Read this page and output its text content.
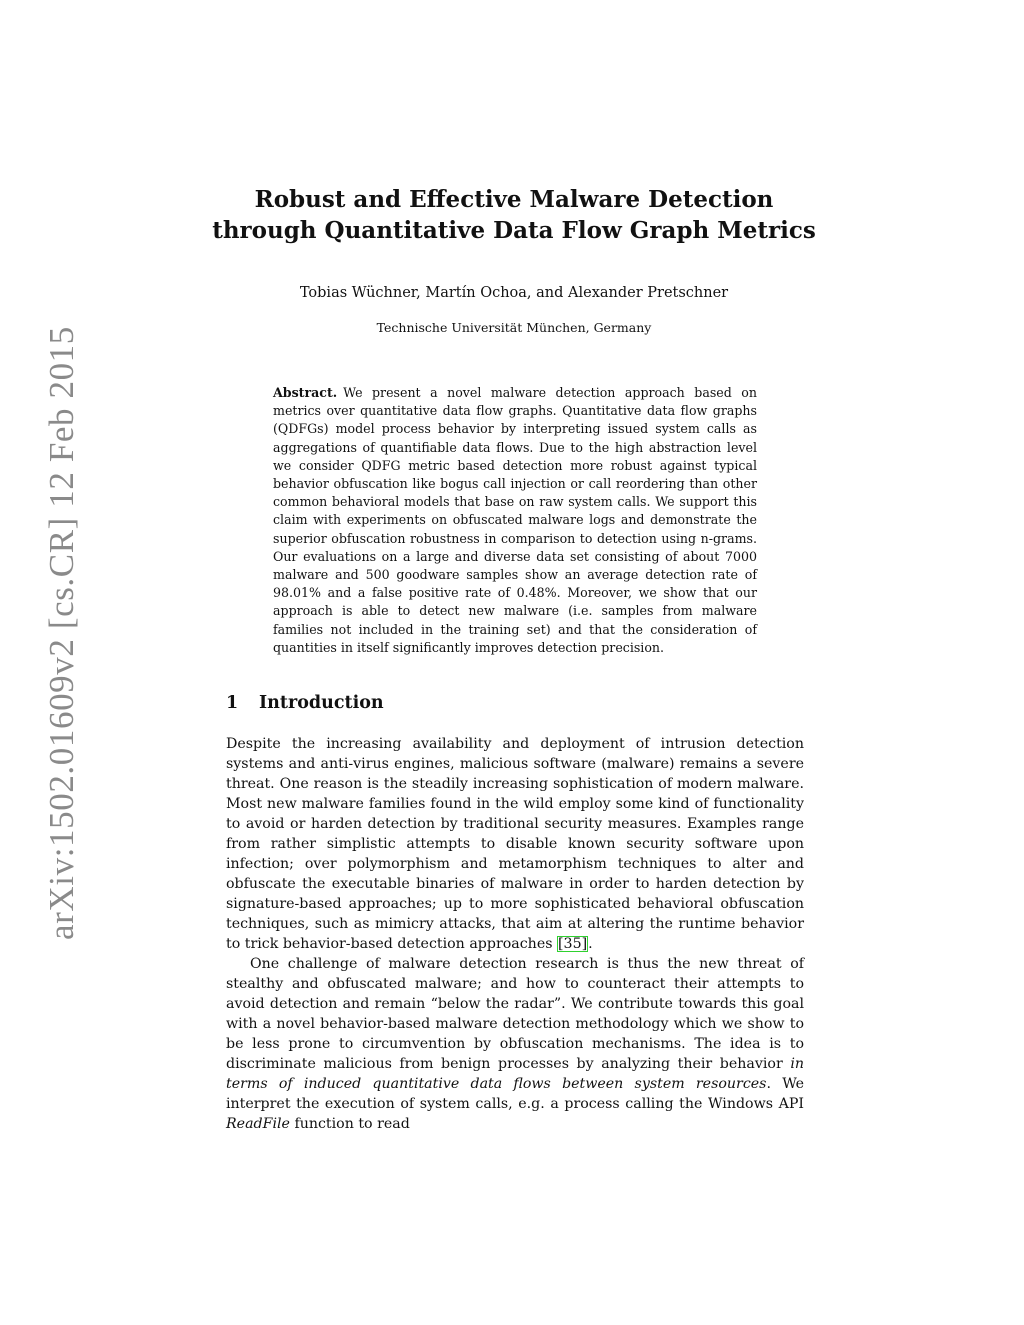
arXiv:1502.01609v2 [cs.CR] 12 Feb 2015
Robust and Effective Malware Detection
through Quantitative Data Flow Graph Metrics

Tobias Wüchner, Martín Ochoa, and Alexander Pretschner

Technische Universität München, Germany

Abstract. We present a novel malware detection approach based on metrics over quantitative data flow graphs. Quantitative data flow graphs (QDFGs) model process behavior by interpreting issued system calls as aggregations of quantifiable data flows. Due to the high abstraction level we consider QDFG metric based detection more robust against typical behavior obfuscation like bogus call injection or call reordering than other common behavioral models that base on raw system calls. We support this claim with experiments on obfuscated malware logs and demonstrate the superior obfuscation robustness in comparison to detection using n-grams. Our evaluations on a large and diverse data set consisting of about 7000 malware and 500 goodware samples show an average detection rate of 98.01% and a false positive rate of 0.48%. Moreover, we show that our approach is able to detect new malware (i.e. samples from malware families not included in the training set) and that the consideration of quantities in itself significantly improves detection precision.

1 Introduction

Despite the increasing availability and deployment of intrusion detection systems and anti-virus engines, malicious software (malware) remains a severe threat. One reason is the steadily increasing sophistication of modern malware. Most new malware families found in the wild employ some kind of functionality to avoid or harden detection by traditional security measures. Examples range from rather simplistic attempts to disable known security software upon infection; over polymorphism and metamorphism techniques to alter and obfuscate the executable binaries of malware in order to harden detection by signature-based approaches; up to more sophisticated behavioral obfuscation techniques, such as mimicry attacks, that aim at altering the runtime behavior to trick behavior-based detection approaches [35].

One challenge of malware detection research is thus the new threat of stealthy and obfuscated malware; and how to counteract their attempts to avoid detection and remain “below the radar”. We contribute towards this goal with a novel behavior-based malware detection methodology which we show to be less prone to circumvention by obfuscation mechanisms. The idea is to discriminate malicious from benign processes by analyzing their behavior in terms of induced quantitative data flows between system resources. We interpret the execution of system calls, e.g. a process calling the Windows API ReadFile function to read
